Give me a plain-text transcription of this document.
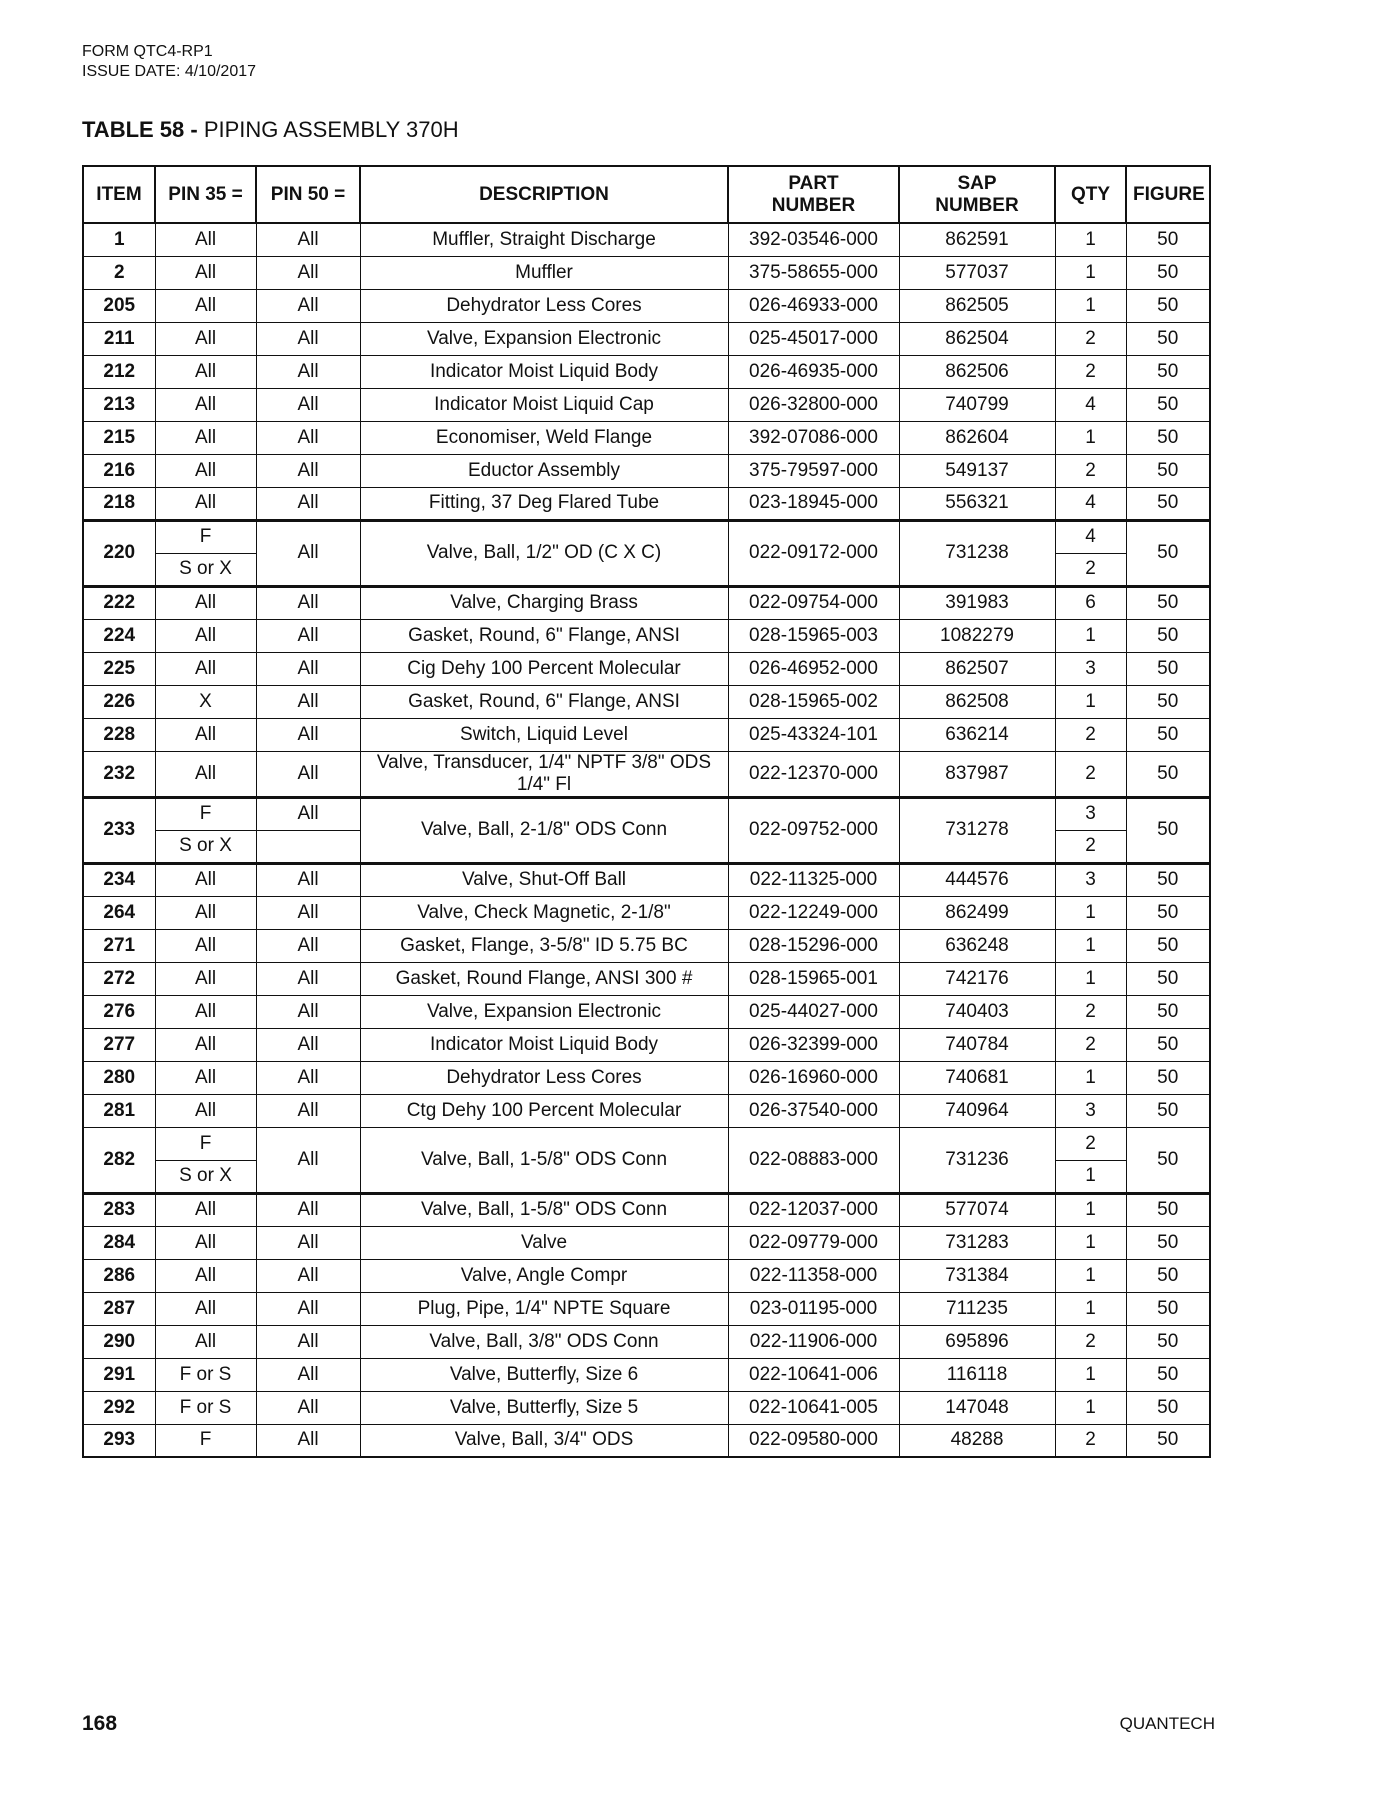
FORM QTC4-RP1
ISSUE DATE: 4/10/2017
TABLE 58 - PIPING ASSEMBLY 370H
ITEM	PIN 35 =	PIN 50 =	DESCRIPTION	PART NUMBER	SAP NUMBER	QTY	FIGURE
1	All	All	Muffler, Straight Discharge	392-03546-000	862591	1	50
2	All	All	Muffler	375-58655-000	577037	1	50
205	All	All	Dehydrator Less Cores	026-46933-000	862505	1	50
211	All	All	Valve, Expansion Electronic	025-45017-000	862504	2	50
212	All	All	Indicator Moist Liquid Body	026-46935-000	862506	2	50
213	All	All	Indicator Moist Liquid Cap	026-32800-000	740799	4	50
215	All	All	Economiser, Weld Flange	392-07086-000	862604	1	50
216	All	All	Eductor Assembly	375-79597-000	549137	2	50
218	All	All	Fitting, 37 Deg Flared Tube	023-18945-000	556321	4	50
220	F	All	Valve, Ball, 1/2" OD (C X C)	022-09172-000	731238	4	50
	S or X					2	
222	All	All	Valve, Charging Brass	022-09754-000	391983	6	50
224	All	All	Gasket, Round, 6" Flange, ANSI	028-15965-003	1082279	1	50
225	All	All	Cig Dehy 100 Percent Molecular	026-46952-000	862507	3	50
226	X	All	Gasket, Round, 6" Flange, ANSI	028-15965-002	862508	1	50
228	All	All	Switch, Liquid Level	025-43324-101	636214	2	50
232	All	All	Valve, Transducer, 1/4" NPTF 3/8" ODS 1/4" Fl	022-12370-000	837987	2	50
233	F	All	Valve, Ball, 2-1/8" ODS Conn	022-09752-000	731278	3	50
	S or X					2	
234	All	All	Valve, Shut-Off Ball	022-11325-000	444576	3	50
264	All	All	Valve, Check Magnetic, 2-1/8"	022-12249-000	862499	1	50
271	All	All	Gasket, Flange, 3-5/8" ID 5.75 BC	028-15296-000	636248	1	50
272	All	All	Gasket, Round Flange, ANSI 300 #	028-15965-001	742176	1	50
276	All	All	Valve, Expansion Electronic	025-44027-000	740403	2	50
277	All	All	Indicator Moist Liquid Body	026-32399-000	740784	2	50
280	All	All	Dehydrator Less Cores	026-16960-000	740681	1	50
281	All	All	Ctg Dehy 100 Percent Molecular	026-37540-000	740964	3	50
282	F	All	Valve, Ball, 1-5/8" ODS Conn	022-08883-000	731236	2	50
	S or X					1	
283	All	All	Valve, Ball, 1-5/8" ODS Conn	022-12037-000	577074	1	50
284	All	All	Valve	022-09779-000	731283	1	50
286	All	All	Valve, Angle Compr	022-11358-000	731384	1	50
287	All	All	Plug, Pipe, 1/4" NPTE Square	023-01195-000	711235	1	50
290	All	All	Valve, Ball, 3/8" ODS Conn	022-11906-000	695896	2	50
291	F or S	All	Valve, Butterfly, Size 6	022-10641-006	116118	1	50
292	F or S	All	Valve, Butterfly, Size 5	022-10641-005	147048	1	50
293	F	All	Valve, Ball, 3/4" ODS	022-09580-000	48288	2	50
168	QUANTECH
